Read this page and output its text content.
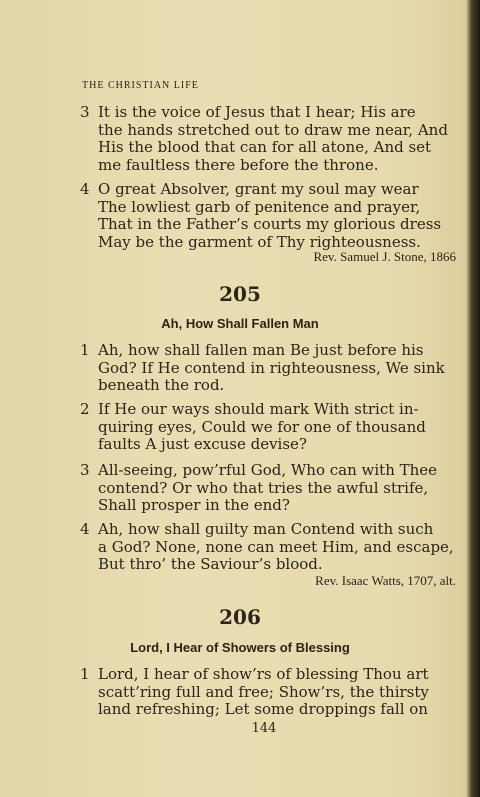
THE CHRISTIAN LIFE
3 It is the voice of Jesus that I hear; His are
the hands stretched out to draw me near, And
His the blood that can for all atone, And set
me faultless there before the throne.
4 O great Absolver, grant my soul may wear
The lowliest garb of penitence and prayer,
That in the Father’s courts my glorious dress
May be the garment of Thy righteousness.
Rev. Samuel J. Stone, 1866
205
Ah, How Shall Fallen Man
1 Ah, how shall fallen man Be just before his
God? If He contend in righteousness, We sink
beneath the rod.
2 If He our ways should mark With strict in-
quiring eyes, Could we for one of thousand
faults A just excuse devise?
3 All-seeing, pow’rful God, Who can with Thee
contend? Or who that tries the awful strife,
Shall prosper in the end?
4 Ah, how shall guilty man Contend with such
a God? None, none can meet Him, and escape,
But thro’ the Saviour’s blood.
Rev. Isaac Watts, 1707, alt.
206
Lord, I Hear of Showers of Blessing
1 Lord, I hear of show’rs of blessing Thou art
scatt’ring full and free; Show’rs, the thirsty
land refreshing; Let some droppings fall on
144
